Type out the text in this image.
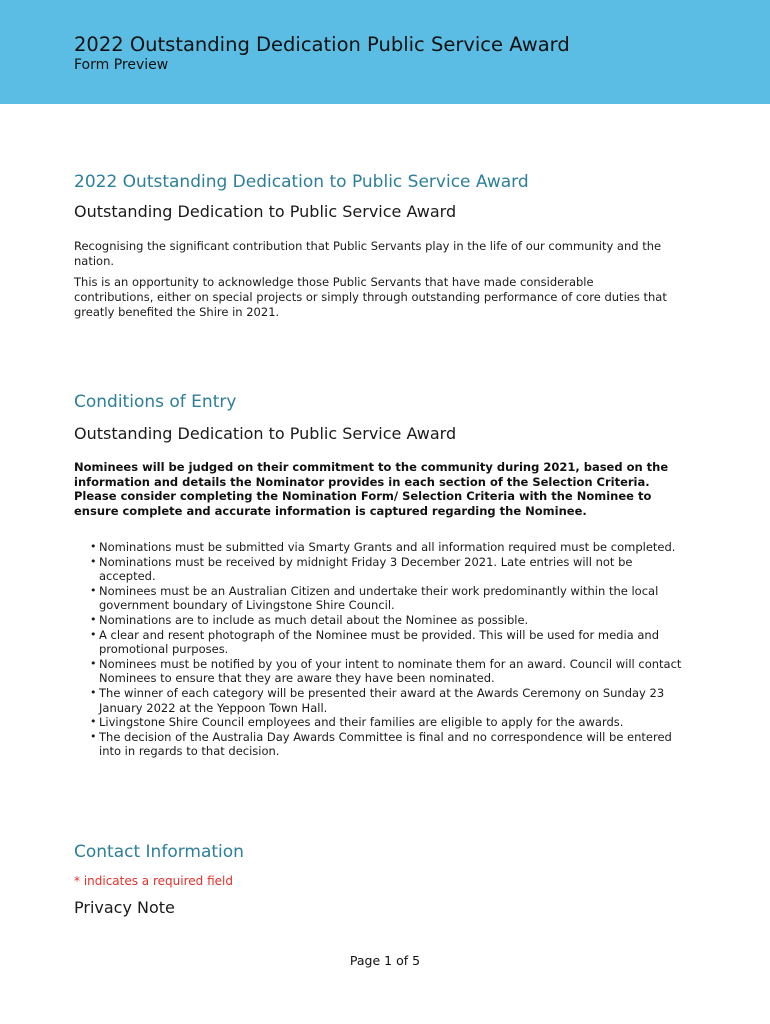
2022 Outstanding Dedication Public Service Award
Form Preview
2022 Outstanding Dedication to Public Service Award
Outstanding Dedication to Public Service Award
Recognising the significant contribution that Public Servants play in the life of our community and the nation.
This is an opportunity to acknowledge those Public Servants that have made considerable contributions, either on special projects or simply through outstanding performance of core duties that greatly benefited the Shire in 2021.
Conditions of Entry
Outstanding Dedication to Public Service Award
Nominees will be judged on their commitment to the community during 2021, based on the information and details the Nominator provides in each section of the Selection Criteria. Please consider completing the Nomination Form/ Selection Criteria with the Nominee to ensure complete and accurate information is captured regarding the Nominee.
• Nominations must be submitted via Smarty Grants and all information required must be completed.
• Nominations must be received by midnight Friday 3 December 2021. Late entries will not be accepted.
• Nominees must be an Australian Citizen and undertake their work predominantly within the local government boundary of Livingstone Shire Council.
• Nominations are to include as much detail about the Nominee as possible.
• A clear and resent photograph of the Nominee must be provided. This will be used for media and promotional purposes.
• Nominees must be notified by you of your intent to nominate them for an award. Council will contact Nominees to ensure that they are aware they have been nominated.
• The winner of each category will be presented their award at the Awards Ceremony on Sunday 23 January 2022 at the Yeppoon Town Hall.
• Livingstone Shire Council employees and their families are eligible to apply for the awards.
• The decision of the Australia Day Awards Committee is final and no correspondence will be entered into in regards to that decision.
Contact Information
* indicates a required field
Privacy Note
Page 1 of 5
